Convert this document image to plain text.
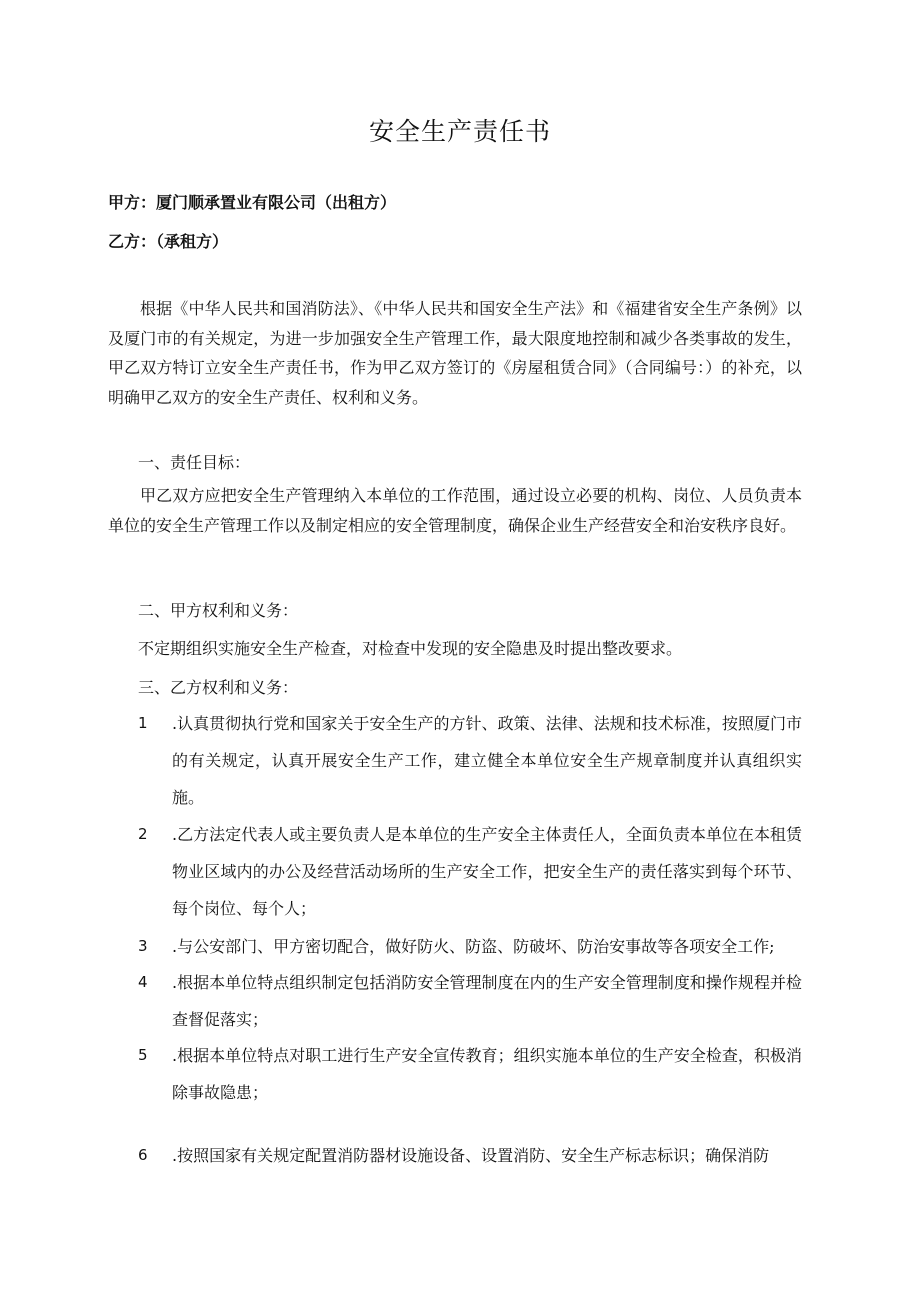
安全生产责任书

甲方：厦门顺承置业有限公司（出租方）

乙方：（承租方）

根据《中华人民共和国消防法》、《中华人民共和国安全生产法》和《福建省安全生产条例》以及厦门市的有关规定，为进一步加强安全生产管理工作，最大限度地控制和减少各类事故的发生，甲乙双方特订立安全生产责任书，作为甲乙双方签订的《房屋租赁合同》（合同编号：）的补充，以明确甲乙双方的安全生产责任、权利和义务。

一、责任目标：

甲乙双方应把安全生产管理纳入本单位的工作范围，通过设立必要的机构、岗位、人员负责本单位的安全生产管理工作以及制定相应的安全管理制度，确保企业生产经营安全和治安秩序良好。

二、甲方权利和义务：

不定期组织实施安全生产检查，对检查中发现的安全隐患及时提出整改要求。

三、乙方权利和义务：

1	.认真贯彻执行党和国家关于安全生产的方针、政策、法律、法规和技术标准，按照厦门市的有关规定，认真开展安全生产工作，建立健全本单位安全生产规章制度并认真组织实施。
2	.乙方法定代表人或主要负责人是本单位的生产安全主体责任人，全面负责本单位在本租赁物业区域内的办公及经营活动场所的生产安全工作，把安全生产的责任落实到每个环节、每个岗位、每个人；
3	.与公安部门、甲方密切配合，做好防火、防盗、防破坏、防治安事故等各项安全工作;
4	.根据本单位特点组织制定包括消防安全管理制度在内的生产安全管理制度和操作规程并检查督促落实；
5	.根据本单位特点对职工进行生产安全宣传教育；组织实施本单位的生产安全检查，积极消除事故隐患；
6	.按照国家有关规定配置消防器材设施设备、设置消防、安全生产标志标识；确保消防
